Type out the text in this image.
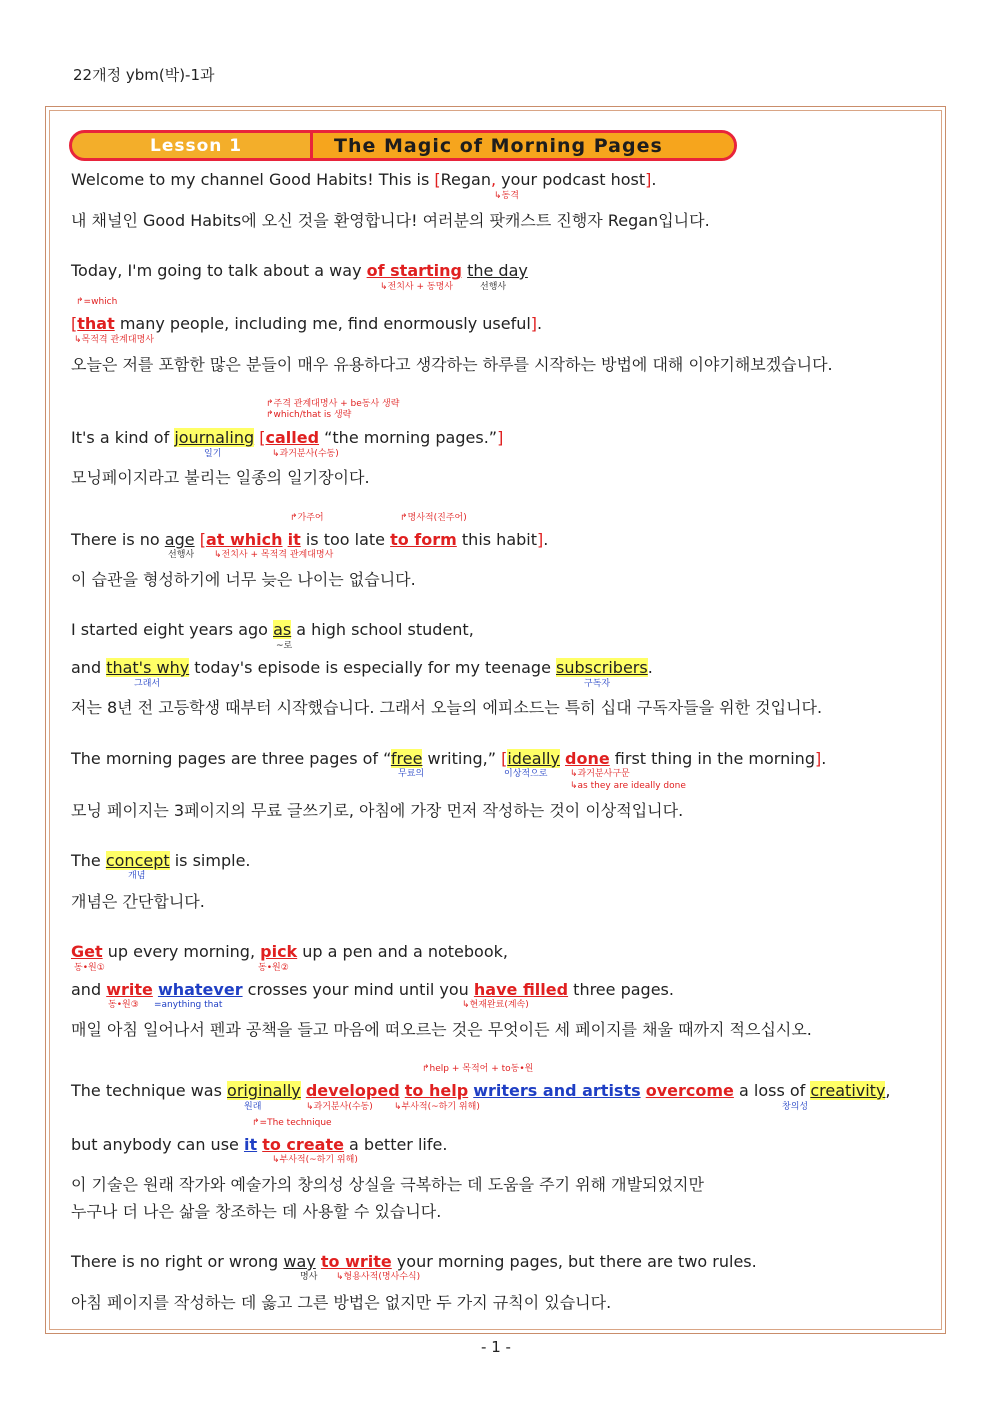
22개정 ybm(박)-1과
Lesson 1	The Magic of Morning Pages
Welcome to my channel Good Habits! This is [Regan, your podcast host].
↳동격
내 채널인 Good Habits에 오신 것을 환영합니다! 여러분의 팟캐스트 진행자 Regan입니다.
Today, I'm going to talk about a way of starting the day
↳전치사 + 동명사	선행사
↱=which
[that many people, including me, find enormously useful].
↳목적격 관계대명사
오늘은 저를 포함한 많은 분들이 매우 유용하다고 생각하는 하루를 시작하는 방법에 대해 이야기해보겠습니다.
↱주격 관계대명사 + be동사 생략
↱which/that is 생략
It's a kind of journaling [called “the morning pages.”]
일기	↳과거분사(수동)
모닝페이지라고 불리는 일종의 일기장이다.
↱가주어	↱명사적(진주어)
There is no age [at which it is too late to form this habit].
선행사 ↳전치사 + 목적격 관계대명사
이 습관을 형성하기에 너무 늦은 나이는 없습니다.
I started eight years ago as a high school student,
~로
and that's why today's episode is especially for my teenage subscribers.
그래서	구독자
저는 8년 전 고등학생 때부터 시작했습니다. 그래서 오늘의 에피소드는 특히 십대 구독자들을 위한 것입니다.
The morning pages are three pages of “free writing,” [ideally done first thing in the morning].
무료의	이상적으로	↳과거분사구문
↳as they are ideally done
모닝 페이지는 3페이지의 무료 글쓰기로, 아침에 가장 먼저 작성하는 것이 이상적입니다.
The concept is simple.
개념
개념은 간단합니다.
Get up every morning, pick up a pen and a notebook,
동•원①	동•원②
and write whatever crosses your mind until you have filled three pages.
동•원③ =anything that	↳현재완료(계속)
매일 아침 일어나서 펜과 공책을 들고 마음에 떠오르는 것은 무엇이든 세 페이지를 채울 때까지 적으십시오.
↱help + 목적어 + to동•원
The technique was originally developed to help writers and artists overcome a loss of creativity,
원래	↳과거분사(수동) ↳부사적(~하기 위해)	창의성
↱=The technique
but anybody can use it to create a better life.
↳부사적(~하기 위해)
이 기술은 원래 작가와 예술가의 창의성 상실을 극복하는 데 도움을 주기 위해 개발되었지만
누구나 더 나은 삶을 창조하는 데 사용할 수 있습니다.
There is no right or wrong way to write your morning pages, but there are two rules.
명사 ↳형용사적(명사수식)
아침 페이지를 작성하는 데 옳고 그른 방법은 없지만 두 가지 규칙이 있습니다.
- 1 -
